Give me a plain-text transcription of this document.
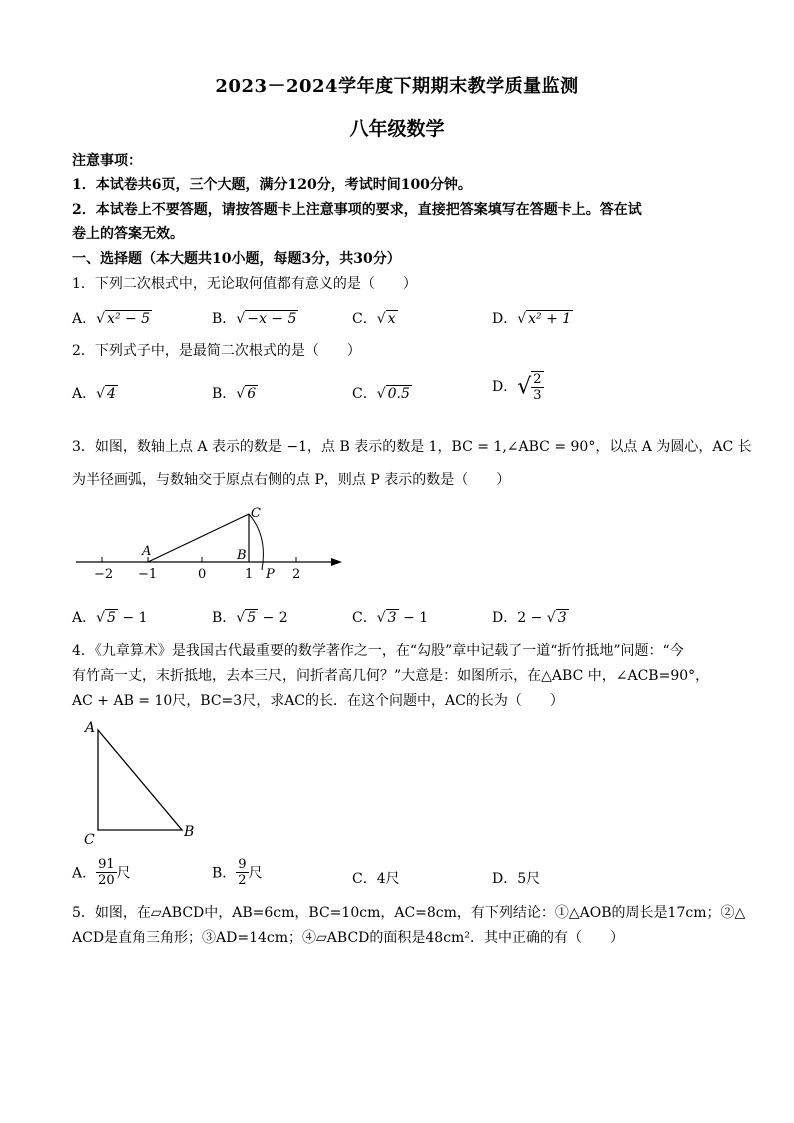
2023－2024学年度下期期末教学质量监测
八年级数学
注意事项：
1．本试卷共6页，三个大题，满分120分，考试时间100分钟。
2．本试卷上不要答题，请按答题卡上注意事项的要求，直接把答案填写在答题卡上。答在试
卷上的答案无效。
一、选择题（本大题共10小题，每题3分，共30分）
1．下列二次根式中，无论取何值都有意义的是（　　）
A．√ x² − 5	B．√ −x − 5	C．√ x	D．√ x² + 1
2．下列式子中，是最简二次根式的是（　　）
A．√ 4	B．√ 6	C．√ 0.5	D．√ $\frac{2}{3}$
3．如图，数轴上点 A 表示的数是 −1，点 B 表示的数是 1，BC = 1,∠ABC = 90°，以点 A 为圆心，AC 长
为半径画弧，与数轴交于原点右侧的点 P，则点 P 表示的数是（　　）
−2 −1	0	1	2
A	B
C
P
A．√ 5 − 1	B．√ 5 − 2	C．√ 3 − 1	D．2 − √ 3
4．《九章算术》是我国古代最重要的数学著作之一，在“勾股”章中记载了一道“折竹抵地”问题：“今
有竹高一丈，末折抵地，去本三尺，问折者高几何？”大意是：如图所示，在△ABC 中，∠ACB=90°，
AC + AB = 10尺，BC=3尺，求AC的长．在这个问题中，AC的长为（　　）
A
C	B
A． $\frac{91}{20}$ 尺	B． $\frac{9}{2}$ 尺	C．4尺	D．5尺
5．如图，在▱ABCD中，AB=6cm，BC=10cm，AC=8cm，有下列结论：①△AOB的周长是17cm；②△
ACD是直角三角形；③AD=14cm；④▱ABCD的面积是48cm²．其中正确的有（　　）
